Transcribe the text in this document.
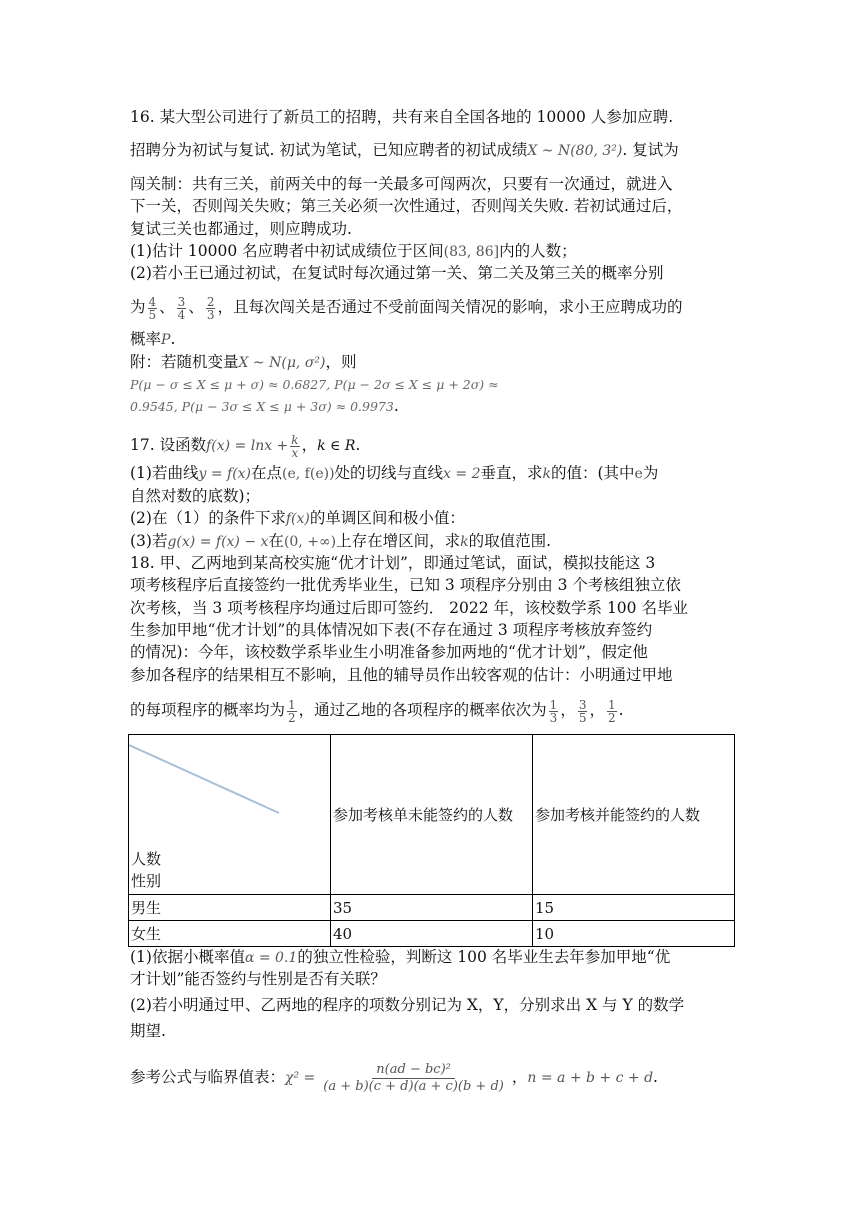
16. 某大型公司进行了新员工的招聘，共有来自全国各地的 10000 人参加应聘.
招聘分为初试与复试. 初试为笔试，已知应聘者的初试成绩X ~ N(80, 3²). 复试为
闯关制：共有三关，前两关中的每一关最多可闯两次，只要有一次通过，就进入
下一关，否则闯关失败；第三关必须一次性通过，否则闯关失败. 若初试通过后，
复试三关也都通过，则应聘成功.
(1)估计 10000 名应聘者中初试成绩位于区间(83, 86]内的人数；
(2)若小王已通过初试，在复试时每次通过第一关、第二关及第三关的概率分别
为 $\frac{4}{5}$ 、 $\frac{3}{4}$ 、 $\frac{2}{3}$ ，且每次闯关是否通过不受前面闯关情况的影响，求小王应聘成功的
概率P.
附：若随机变量X ~ N(μ, σ²)，则
P(μ − σ ≤ X ≤ μ + σ) ≈ 0.6827, P(μ − 2σ ≤ X ≤ μ + 2σ) ≈
0.9545, P(μ − 3σ ≤ X ≤ μ + 3σ) ≈ 0.9973.
17. 设函数$f(x) = \ln x + \frac{k}{x}$ ，k ∈ R.
(1)若曲线y = f(x)在点(e, f(e))处的切线与直线x = 2垂直，求k的值：(其中e为
自然对数的底数)；
(2)在（1）的条件下求f(x)的单调区间和极小值：
(3)若g(x) = f(x) − x在(0, +∞)上存在增区间，求k的取值范围.
18. 甲、乙两地到某高校实施“优才计划”，即通过笔试，面试，模拟技能这 3
项考核程序后直接签约一批优秀毕业生，已知 3 项程序分别由 3 个考核组独立依
次考核，当 3 项考核程序均通过后即可签约． 2022 年，该校数学系 100 名毕业
生参加甲地“优才计划”的具体情况如下表(不存在通过 3 项程序考核放弃签约
的情况)：今年，该校数学系毕业生小明准备参加两地的“优才计划”，假定他
参加各程序的结果相互不影响，且他的辅导员作出较客观的估计：小明通过甲地
的每项程序的概率均为 $\frac{1}{2}$ ，通过乙地的各项程序的概率依次为 $\frac{1}{3}$ ， $\frac{3}{5}$ ， $\frac{1}{2}$ .
人数
性别	参加考核单未能签约的人数	参加考核并能签约的人数
男生	35	15
女生	40	10
(1)依据小概率值α = 0.1的独立性检验，判断这 100 名毕业生去年参加甲地“优
才计划”能否签约与性别是否有关联？
(2)若小明通过甲、乙两地的程序的项数分别记为 X，Y，分别求出 X 与 Y 的数学
期望.
参考公式与临界值表：$\chi^2 = \frac{\text{n(ad − bc)²}}{(a + b)(c + d)(a + c)(b + d)}$ ，n = a + b + c + d.
